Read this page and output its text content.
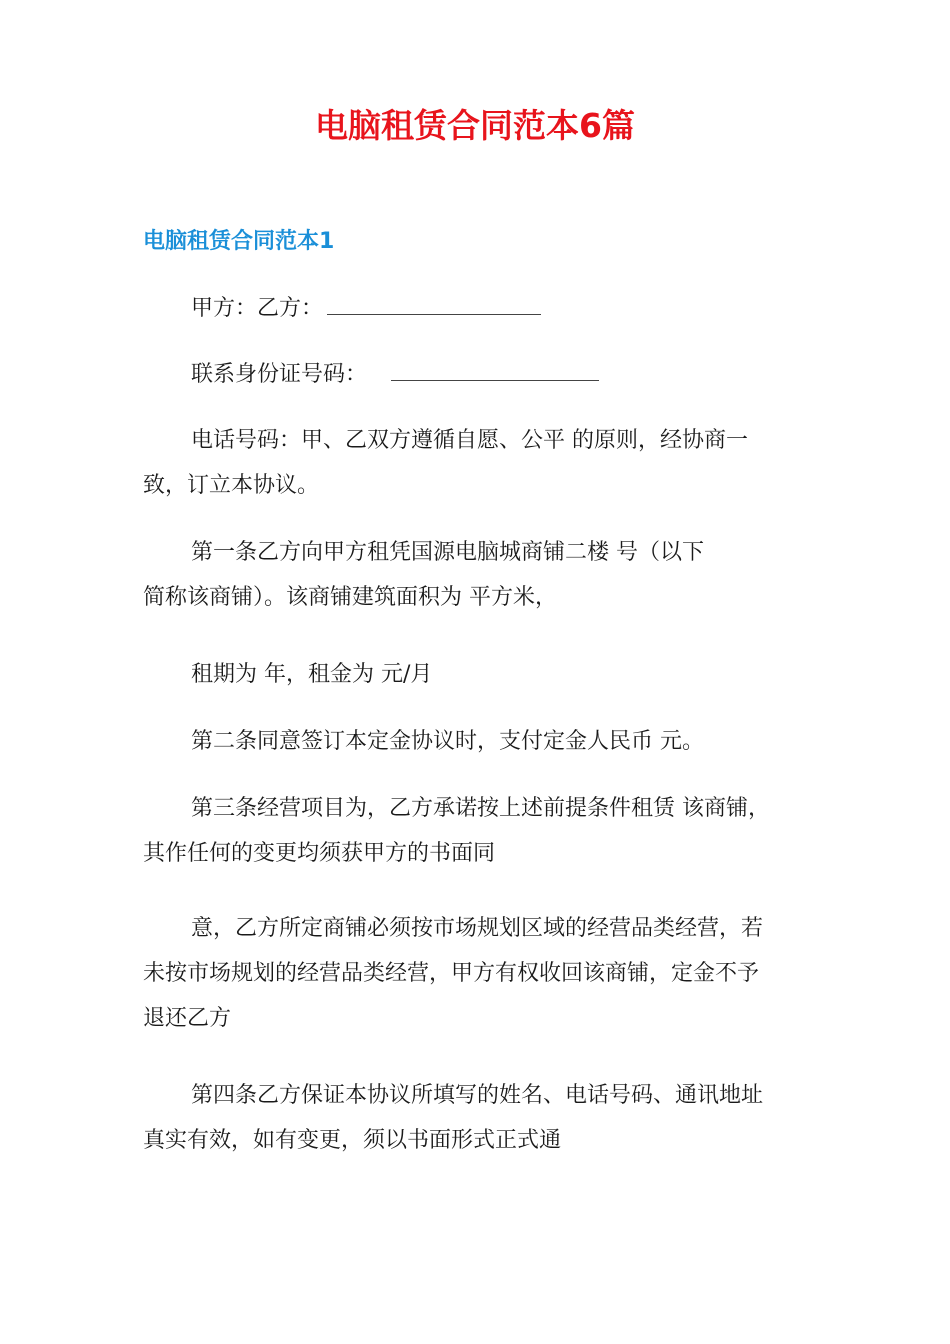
电脑租赁合同范本6篇
电脑租赁合同范本1
甲方：乙方：
联系身份证号码：
电话号码：甲、乙双方遵循自愿、公平 的原则，经协商一
致，订立本协议。
第一条乙方向甲方租凭国源电脑城商铺二楼 号（以下
简称该商铺）。该商铺建筑面积为 平方米，
租期为 年，租金为 元/月
第二条同意签订本定金协议时，支付定金人民币 元。
第三条经营项目为，乙方承诺按上述前提条件租赁 该商铺，
其作任何的变更均须获甲方的书面同
意，乙方所定商铺必须按市场规划区域的经营品类经营，若
未按市场规划的经营品类经营，甲方有权收回该商铺，定金不予
退还乙方
第四条乙方保证本协议所填写的姓名、电话号码、通讯地址
真实有效，如有变更，须以书面形式正式通
